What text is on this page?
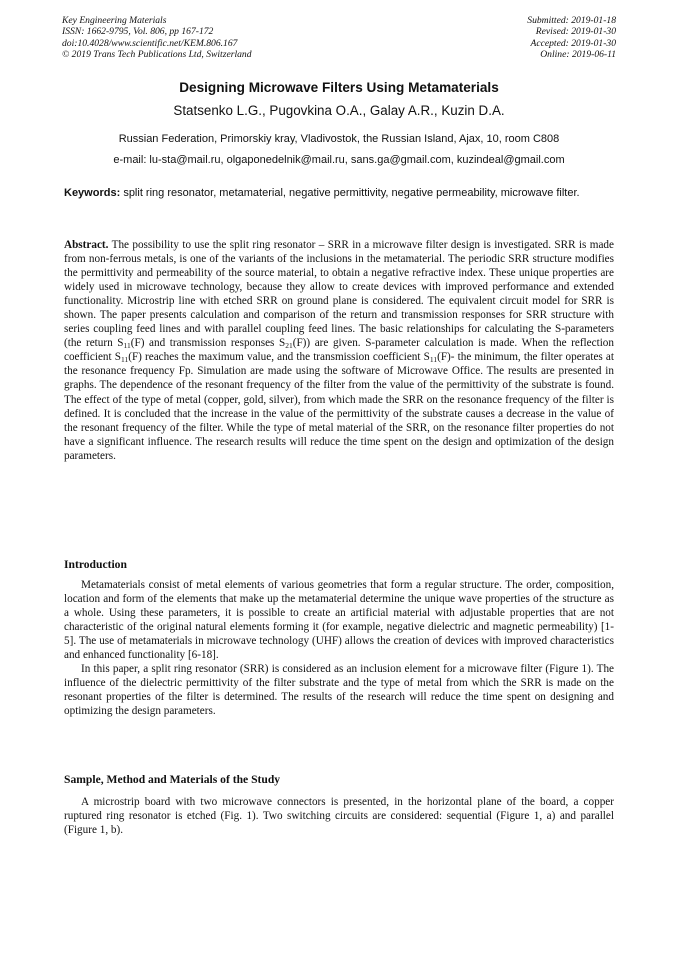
Key Engineering Materials
ISSN: 1662-9795, Vol. 806, pp 167-172
doi:10.4028/www.scientific.net/KEM.806.167
© 2019 Trans Tech Publications Ltd, Switzerland
Submitted: 2019-01-18
Revised: 2019-01-30
Accepted: 2019-01-30
Online: 2019-06-11
Designing Microwave Filters Using Metamaterials
Statsenko L.G., Pugovkina O.A., Galay A.R., Kuzin D.A.
Russian Federation, Primorskiy kray, Vladivostok, the Russian Island, Ajax, 10, room C808
e-mail: lu-sta@mail.ru, olgaponedelnik@mail.ru, sans.ga@gmail.com, kuzindeal@gmail.com
Keywords: split ring resonator, metamaterial, negative permittivity, negative permeability, microwave filter.
Abstract. The possibility to use the split ring resonator – SRR in a microwave filter design is investigated. SRR is made from non-ferrous metals, is one of the variants of the inclusions in the metamaterial. The periodic SRR structure modifies the permittivity and permeability of the source material, to obtain a negative refractive index. These unique properties are widely used in microwave technology, because they allow to create devices with improved performance and extended functionality. Microstrip line with etched SRR on ground plane is considered. The equivalent circuit model for SRR is shown. The paper presents calculation and comparison of the return and transmission responses for SRR structure with series coupling feed lines and with parallel coupling feed lines. The basic relationships for calculating the S-parameters (the return $S_{11}(F)$ and transmission responses $S_{21}(F)$) are given. S-parameter calculation is made. When the reflection coefficient $S_{11}(F)$ reaches the maximum value, and the transmission coefficient $S_{11}(F)-$ the minimum, the filter operates at the resonance frequency Fp. Simulation are made using the software of Microwave Office. The results are presented in graphs. The dependence of the resonant frequency of the filter from the value of the permittivity of the substrate is found. The effect of the type of metal (copper, gold, silver), from which made the SRR on the resonance frequency of the filter is defined. It is concluded that the increase in the value of the permittivity of the substrate causes a decrease in the value of the resonant frequency of the filter. While the type of metal material of the SRR, on the resonance filter properties do not have a significant influence. The research results will reduce the time spent on the design and optimization of the design parameters.
Introduction

Metamaterials consist of metal elements of various geometries that form a regular structure. The order, composition, location and form of the elements that make up the metamaterial determine the unique wave properties of the structure as a whole. Using these parameters, it is possible to create an artificial material with adjustable properties that are not characteristic of the original natural elements forming it (for example, negative dielectric and magnetic permeability) [1-5]. The use of metamaterials in microwave technology (UHF) allows the creation of devices with improved characteristics and enhanced functionality [6-18].

In this paper, a split ring resonator (SRR) is considered as an inclusion element for a microwave filter (Figure 1). The influence of the dielectric permittivity of the filter substrate and the type of metal from which the SRR is made on the resonant properties of the filter is determined. The results of the research will reduce the time spent on designing and optimizing the design parameters.

Sample, Method and Materials of the Study

A microstrip board with two microwave connectors is presented, in the horizontal plane of the board, a copper ruptured ring resonator is etched (Fig. 1). Two switching circuits are considered: sequential (Figure 1, a) and parallel (Figure 1, b).
